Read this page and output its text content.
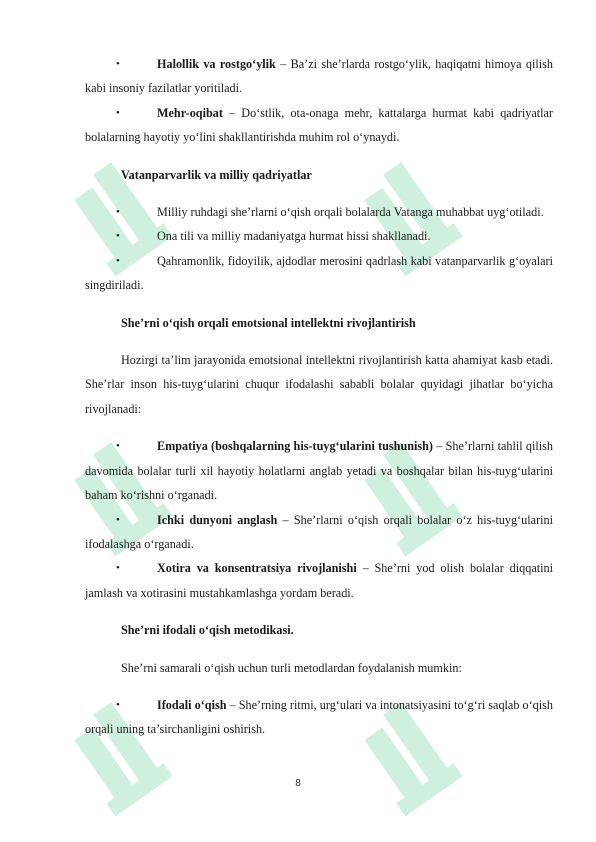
•	Halollik va rostgo‘ylik – Ba’zi she’rlarda rostgo‘ylik, haqiqatni himoya qilish kabi insoniy fazilatlar yoritiladi.

•	Mehr-oqibat – Do‘stlik, ota-onaga mehr, kattalarga hurmat kabi qadriyatlar bolalarning hayotiy yo‘lini shakllantirishda muhim rol o‘ynaydi.

Vatanparvarlik va milliy qadriyatlar

•	Milliy ruhdagi she’rlarni o‘qish orqali bolalarda Vatanga muhabbat uyg‘otiladi.

•	Ona tili va milliy madaniyatga hurmat hissi shakllanadi.

•	Qahramonlik, fidoyilik, ajdodlar merosini qadrlash kabi vatanparvarlik g‘oyalari singdiriladi.

She’rni o‘qish orqali emotsional intellektni rivojlantirish

Hozirgi ta’lim jarayonida emotsional intellektni rivojlantirish katta ahamiyat kasb etadi. She’rlar inson his-tuyg‘ularini chuqur ifodalashi sababli bolalar quyidagi jihatlar bo‘yicha rivojlanadi:

•	Empatiya (boshqalarning his-tuyg‘ularini tushunish) – She’rlarni tahlil qilish davomida bolalar turli xil hayotiy holatlarni anglab yetadi va boshqalar bilan his-tuyg‘ularini baham ko‘rishni o‘rganadi.

•	Ichki dunyoni anglash – She’rlarni o‘qish orqali bolalar o‘z his-tuyg‘ularini ifodalashga o‘rganadi.

•	Xotira va konsentratsiya rivojlanishi – She’rni yod olish bolalar diqqatini jamlash va xotirasini mustahkamlashga yordam beradi.

She’rni ifodali o‘qish metodikasi.

She’rni samarali o‘qish uchun turli metodlardan foydalanish mumkin:

•	Ifodali o‘qish – She’rning ritmi, urg‘ulari va intonatsiyasini to‘g‘ri saqlab o‘qish orqali uning ta’sirchanligini oshirish.

8
